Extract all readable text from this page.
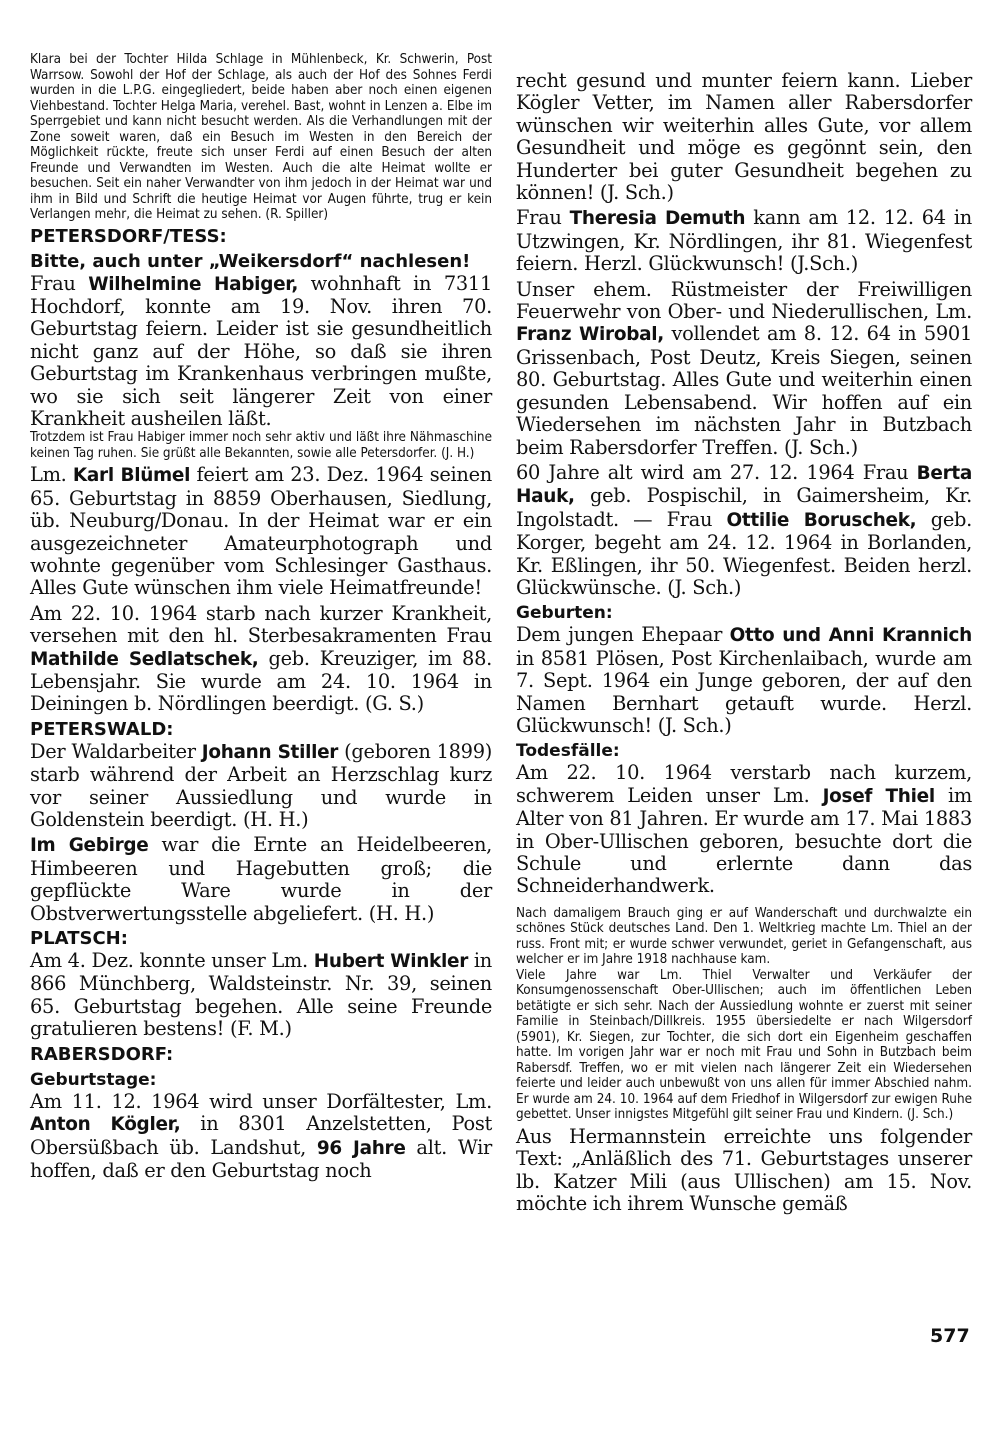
Klara bei der Tochter Hilda Schlage in Mühlenbeck, Kr. Schwerin, Post Warrsow. Sowohl der Hof der Schlage, als auch der Hof des Sohnes Ferdi wurden in die L.P.G. eingegliedert, beide haben aber noch einen eigenen Viehbestand. Tochter Helga Maria, verehel. Bast, wohnt in Lenzen a. Elbe im Sperrgebiet und kann nicht besucht werden. Als die Verhandlungen mit der Zone soweit waren, daß ein Besuch im Westen in den Bereich der Möglichkeit rückte, freute sich unser Ferdi auf einen Besuch der alten Freunde und Verwandten im Westen. Auch die alte Heimat wollte er besuchen. Seit ein naher Verwandter von ihm jedoch in der Heimat war und ihm in Bild und Schrift die heutige Heimat vor Augen führte, trug er kein Verlangen mehr, die Heimat zu sehen. (R. Spiller)

PETERSDORF/TESS:
Bitte, auch unter „Weikersdorf“ nachlesen!

Frau Wilhelmine Habiger, wohnhaft in 7311 Hochdorf, konnte am 19. Nov. ihren 70. Geburtstag feiern. Leider ist sie gesundheitlich nicht ganz auf der Höhe, so daß sie ihren Geburtstag im Krankenhaus verbringen mußte, wo sie sich seit längerer Zeit von einer Krankheit ausheilen läßt.

Trotzdem ist Frau Habiger immer noch sehr aktiv und läßt ihre Nähmaschine keinen Tag ruhen. Sie grüßt alle Bekannten, sowie alle Petersdorfer. (J. H.)

Lm. Karl Blümel feiert am 23. Dez. 1964 seinen 65. Geburtstag in 8859 Oberhausen, Siedlung, üb. Neuburg/Donau. In der Heimat war er ein ausgezeichneter Amateurphotograph und wohnte gegenüber vom Schlesinger Gasthaus. Alles Gute wünschen ihm viele Heimatfreunde!

Am 22. 10. 1964 starb nach kurzer Krankheit, versehen mit den hl. Sterbesakramenten Frau Mathilde Sedlatschek, geb. Kreuziger, im 88. Lebensjahr. Sie wurde am 24. 10. 1964 in Deiningen b. Nördlingen beerdigt. (G. S.)

PETERSWALD:

Der Waldarbeiter Johann Stiller (geboren 1899) starb während der Arbeit an Herzschlag kurz vor seiner Aussiedlung und wurde in Goldenstein beerdigt. (H. H.)

Im Gebirge war die Ernte an Heidelbeeren, Himbeeren und Hagebutten groß; die gepflückte Ware wurde in der Obstverwertungsstelle abgeliefert. (H. H.)

PLATSCH:

Am 4. Dez. konnte unser Lm. Hubert Winkler in 866 Münchberg, Waldsteinstr. Nr. 39, seinen 65. Geburtstag begehen. Alle seine Freunde gratulieren bestens! (F. M.)

RABERSDORF:
Geburtstage:

Am 11. 12. 1964 wird unser Dorfältester, Lm. Anton Kögler, in 8301 Anzelstetten, Post Obersüßbach üb. Landshut, 96 Jahre alt. Wir hoffen, daß er den Geburtstag noch

recht gesund und munter feiern kann. Lieber Kögler Vetter, im Namen aller Rabersdorfer wünschen wir weiterhin alles Gute, vor allem Gesundheit und möge es gegönnt sein, den Hunderter bei guter Gesundheit begehen zu können! (J. Sch.)

Frau Theresia Demuth kann am 12. 12. 64 in Utzwingen, Kr. Nördlingen, ihr 81. Wiegenfest feiern. Herzl. Glückwunsch! (J.Sch.)

Unser ehem. Rüstmeister der Freiwilligen Feuerwehr von Ober- und Niederullischen, Lm. Franz Wirobal, vollendet am 8. 12. 64 in 5901 Grissenbach, Post Deutz, Kreis Siegen, seinen 80. Geburtstag. Alles Gute und weiterhin einen gesunden Lebensabend. Wir hoffen auf ein Wiedersehen im nächsten Jahr in Butzbach beim Rabersdorfer Treffen. (J. Sch.)

60 Jahre alt wird am 27. 12. 1964 Frau Berta Hauk, geb. Pospischil, in Gaimersheim, Kr. Ingolstadt. — Frau Ottilie Boruschek, geb. Korger, begeht am 24. 12. 1964 in Borlanden, Kr. Eßlingen, ihr 50. Wiegenfest. Beiden herzl. Glückwünsche. (J. Sch.)

Geburten:

Dem jungen Ehepaar Otto und Anni Krannich in 8581 Plösen, Post Kirchenlaibach, wurde am 7. Sept. 1964 ein Junge geboren, der auf den Namen Bernhart getauft wurde. Herzl. Glückwunsch! (J. Sch.)

Todesfälle:

Am 22. 10. 1964 verstarb nach kurzem, schwerem Leiden unser Lm. Josef Thiel im Alter von 81 Jahren. Er wurde am 17. Mai 1883 in Ober-Ullischen geboren, besuchte dort die Schule und erlernte dann das Schneiderhandwerk.

Nach damaligem Brauch ging er auf Wanderschaft und durchwalzte ein schönes Stück deutsches Land. Den 1. Weltkrieg machte Lm. Thiel an der russ. Front mit; er wurde schwer verwundet, geriet in Gefangenschaft, aus welcher er im Jahre 1918 nachhause kam.

Viele Jahre war Lm. Thiel Verwalter und Verkäufer der Konsumgenossenschaft Ober-Ullischen; auch im öffentlichen Leben betätigte er sich sehr. Nach der Aussiedlung wohnte er zuerst mit seiner Familie in Steinbach/Dillkreis. 1955 übersiedelte er nach Wilgersdorf (5901), Kr. Siegen, zur Tochter, die sich dort ein Eigenheim geschaffen hatte. Im vorigen Jahr war er noch mit Frau und Sohn in Butzbach beim Rabersdf. Treffen, wo er mit vielen nach längerer Zeit ein Wiedersehen feierte und leider auch unbewußt von uns allen für immer Abschied nahm. Er wurde am 24. 10. 1964 auf dem Friedhof in Wilgersdorf zur ewigen Ruhe gebettet. Unser innigstes Mitgefühl gilt seiner Frau und Kindern. (J. Sch.)

Aus Hermannstein erreichte uns folgender Text: „Anläßlich des 71. Geburtstages unserer lb. Katzer Mili (aus Ullischen) am 15. Nov. möchte ich ihrem Wunsche gemäß

577
